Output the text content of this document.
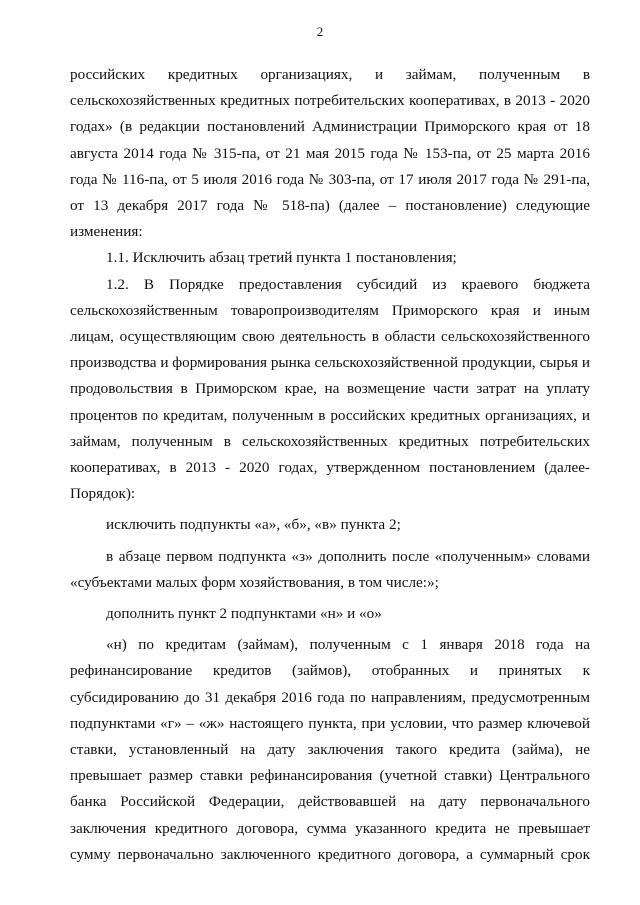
2

российских кредитных организациях, и займам, полученным в сельскохозяйственных кредитных потребительских кооперативах, в 2013 - 2020 годах» (в редакции постановлений Администрации Приморского края от 18 августа 2014 года № 315-па, от 21 мая 2015 года № 153-па, от 25 марта 2016 года № 116-па, от 5 июля 2016 года № 303-па, от 17 июля 2017 года № 291-па, от 13 декабря 2017 года № 518-па) (далее – постановление) следующие изменения:

1.1. Исключить абзац третий пункта 1 постановления;

1.2. В Порядке предоставления субсидий из краевого бюджета сельскохозяйственным товаропроизводителям Приморского края и иным лицам, осуществляющим свою деятельность в области сельскохозяйственного производства и формирования рынка сельскохозяйственной продукции, сырья и продовольствия в Приморском крае, на возмещение части затрат на уплату процентов по кредитам, полученным в российских кредитных организациях, и займам, полученным в сельскохозяйственных кредитных потребительских кооперативах, в 2013 - 2020 годах, утвержденном постановлением (далее- Порядок):

исключить подпункты «а», «б», «в» пункта 2;

в абзаце первом подпункта «з» дополнить после «полученным» словами «субъектами малых форм хозяйствования, в том числе:»;

дополнить пункт 2 подпунктами «н» и «о»

«н) по кредитам (займам), полученным с 1 января 2018 года на рефинансирование кредитов (займов), отобранных и принятых к субсидированию до 31 декабря 2016 года по направлениям, предусмотренным подпунктами «г» – «ж» настоящего пункта, при условии, что размер ключевой ставки, установленный на дату заключения такого кредита (займа), не превышает размер ставки рефинансирования (учетной ставки) Центрального банка Российской Федерации, действовавшей на дату первоначального заключения кредитного договора, сумма указанного кредита не превышает сумму первоначально заключенного кредитного договора, а суммарный срок
